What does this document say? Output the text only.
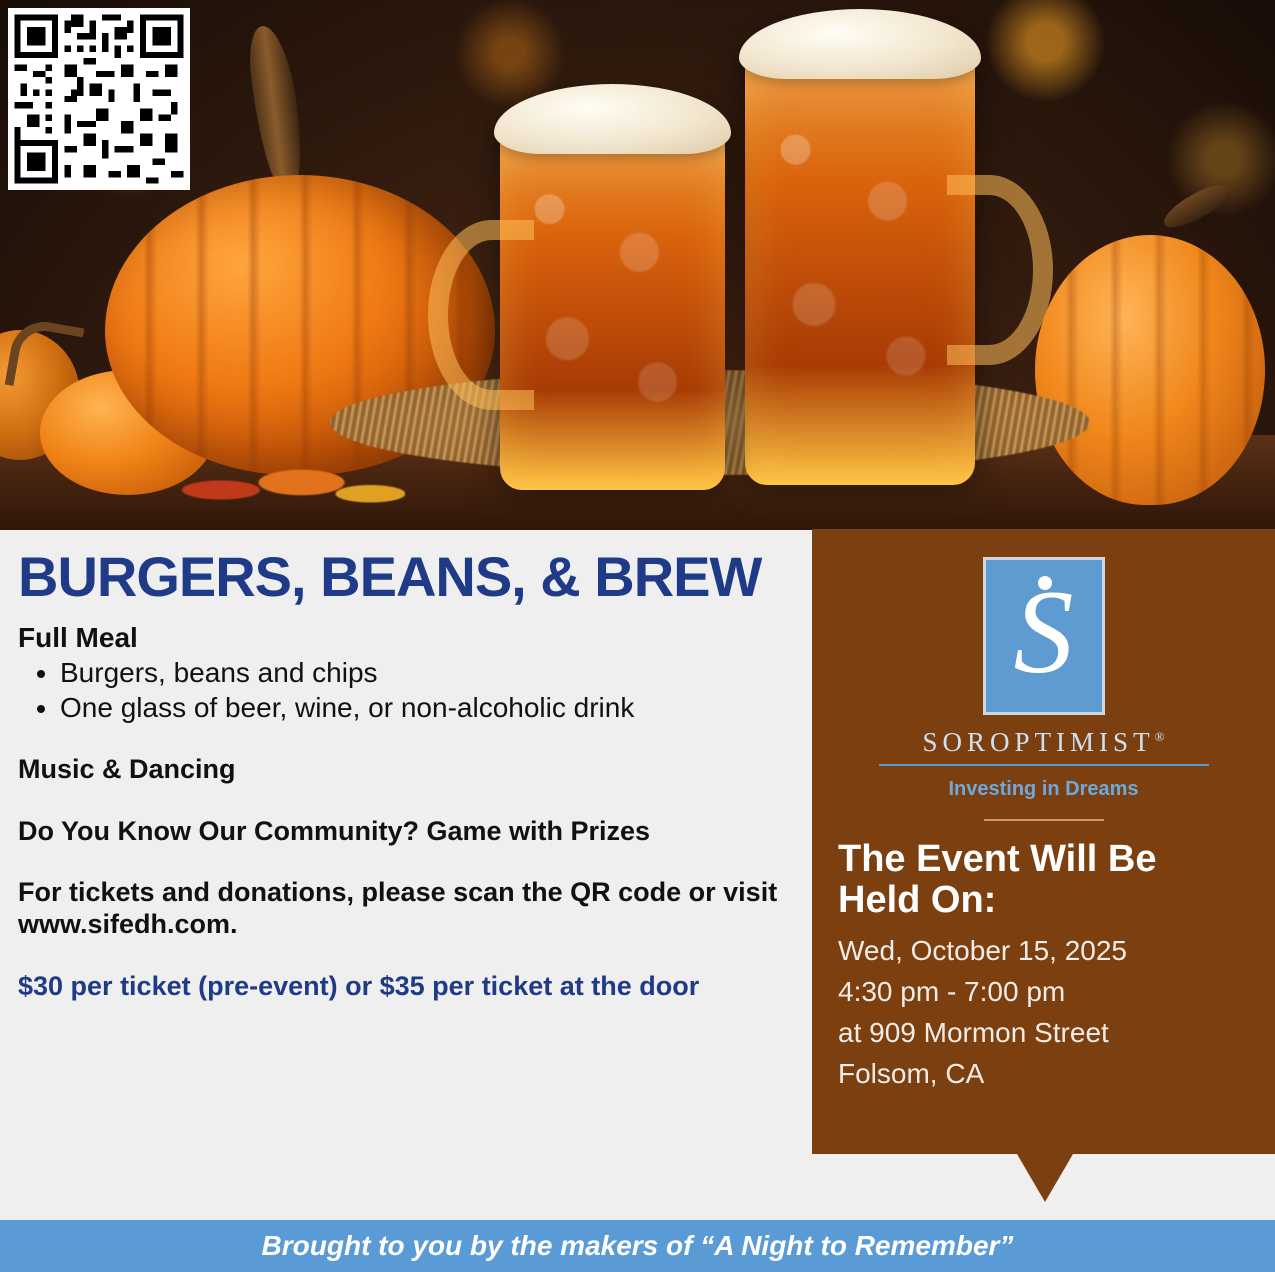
BURGERS, BEANS, & BREW
Full Meal
• Burgers, beans and chips
• One glass of beer, wine, or non-alcoholic drink
Music & Dancing
Do You Know Our Community? Game with Prizes
For tickets and donations, please scan the QR code or visit www.sifedh.com.
$30 per ticket (pre-event) or $35 per ticket at the door
S
SOROPTIMIST®
Investing in Dreams
The Event Will Be Held On:
Wed, October 15, 2025
4:30 pm - 7:00 pm
at 909 Mormon Street
Folsom, CA
Brought to you by the makers of “A Night to Remember”
